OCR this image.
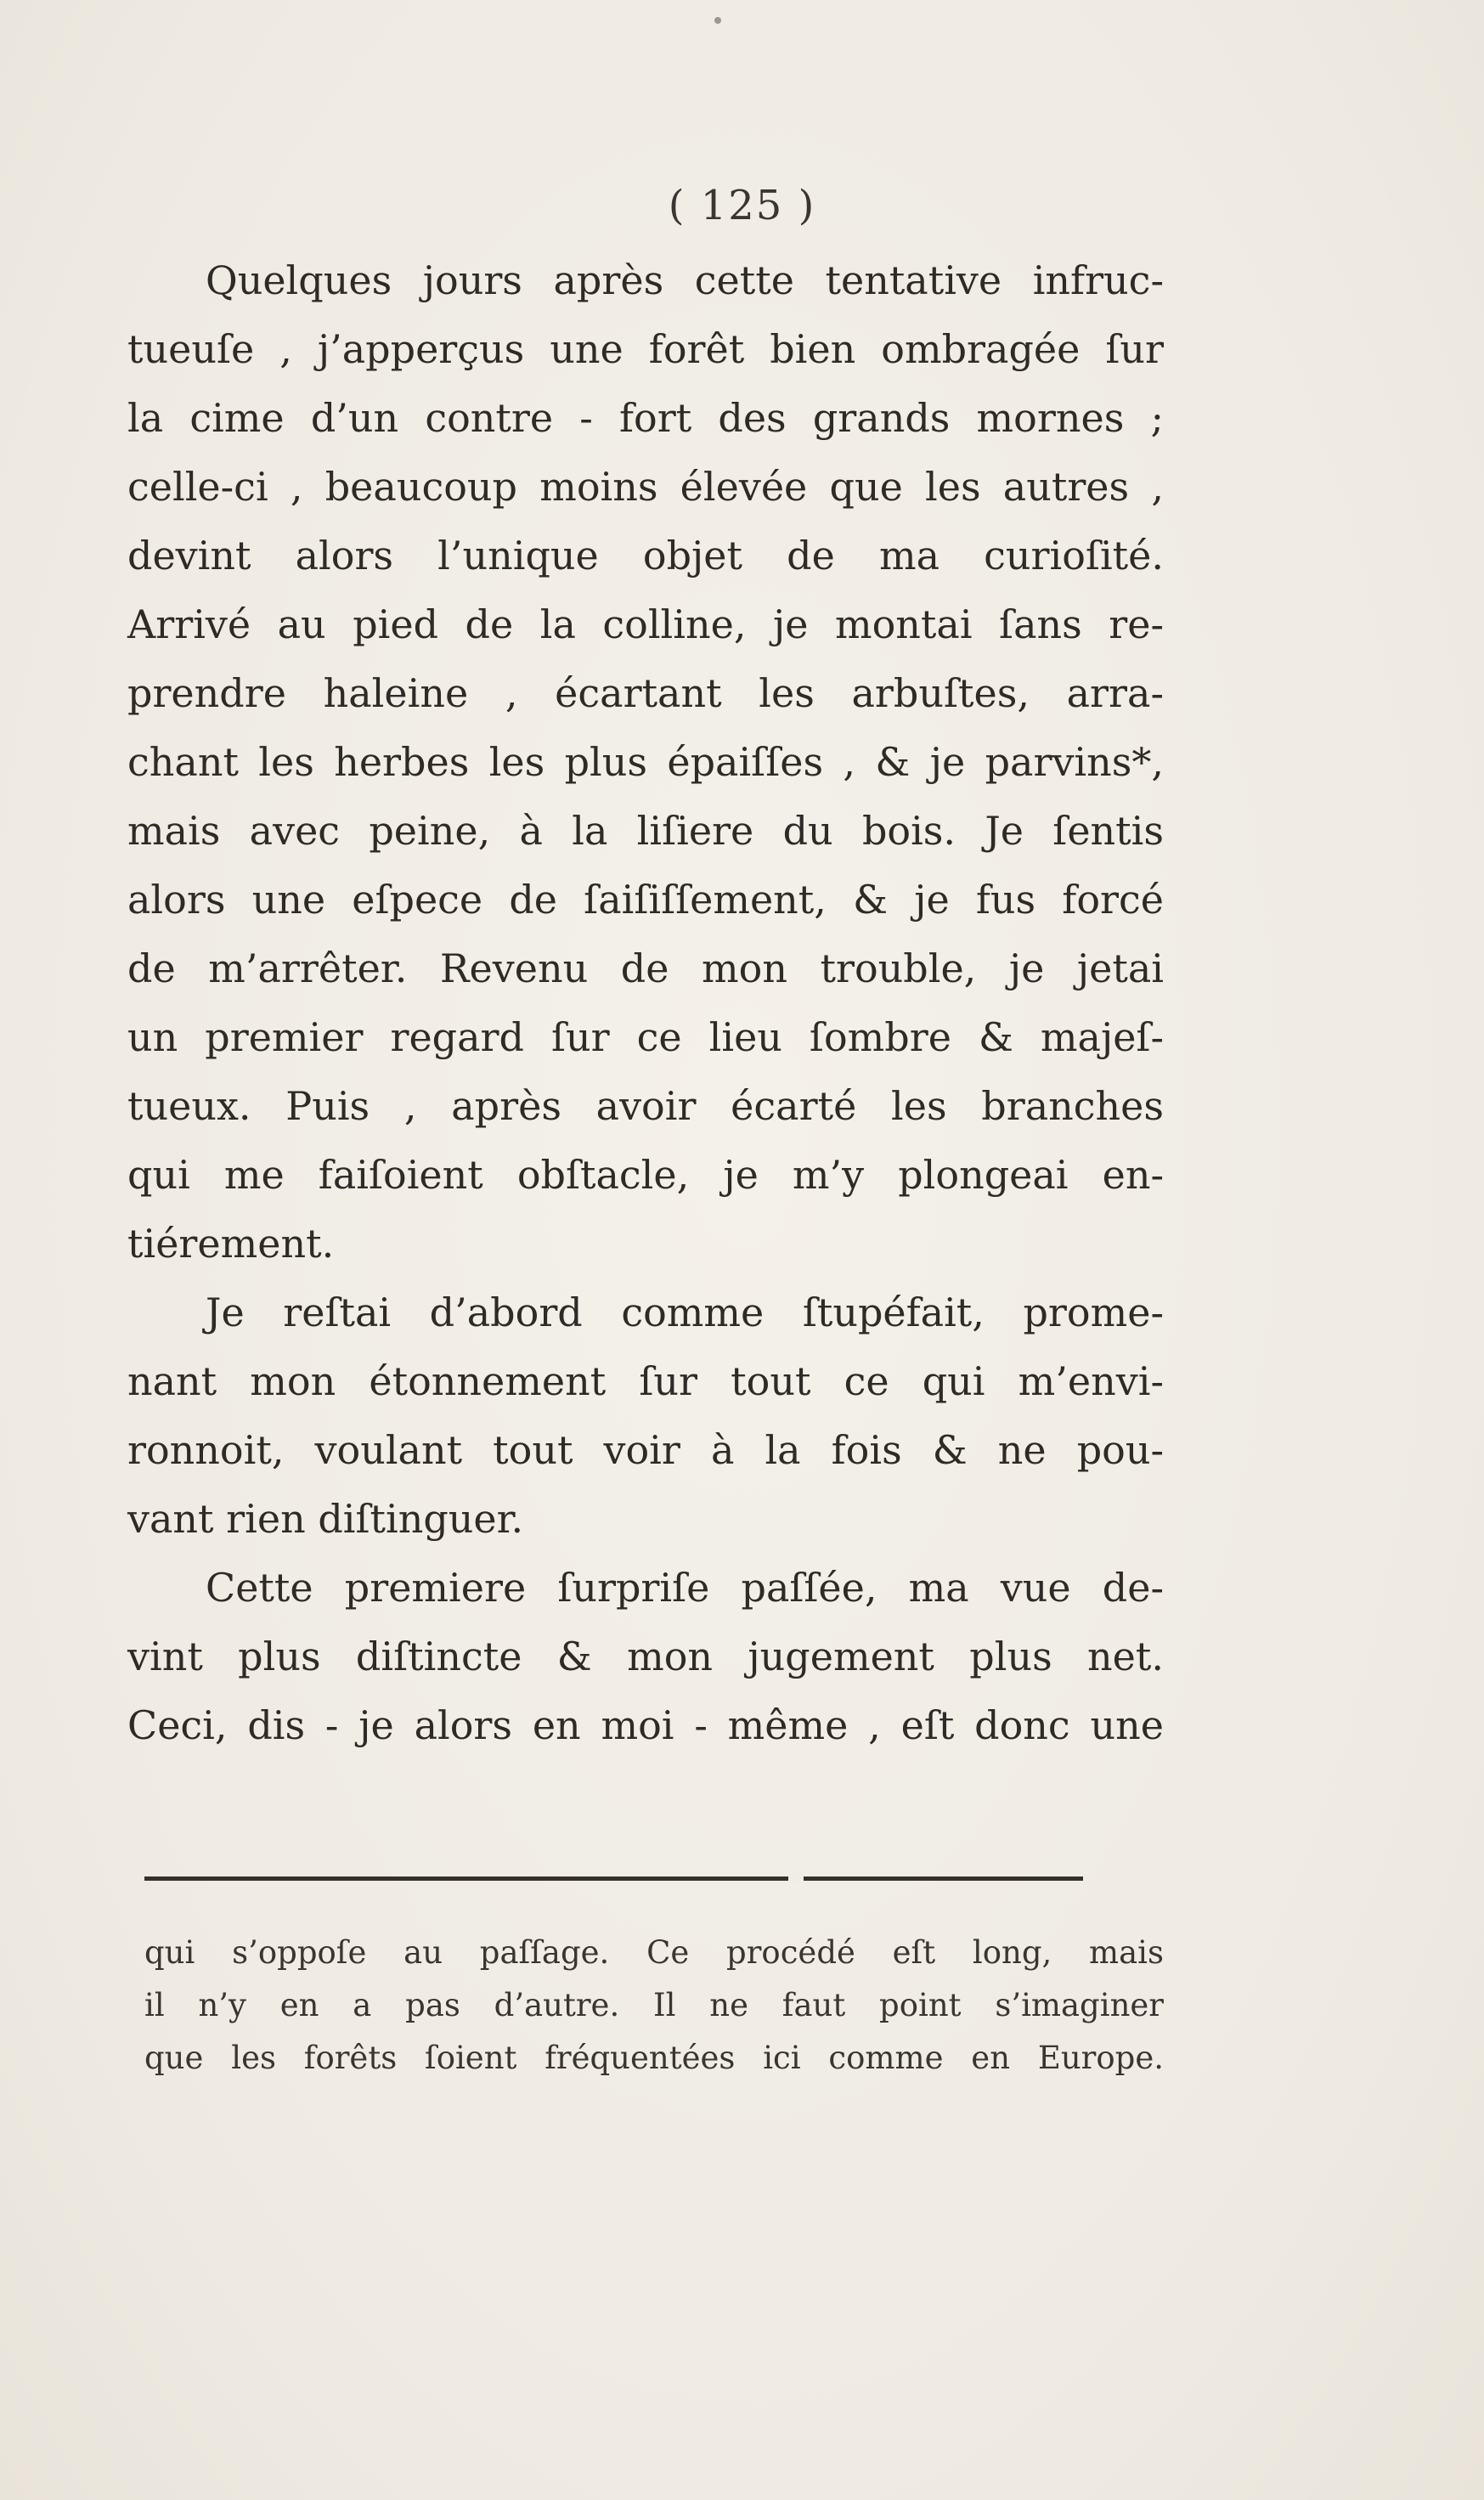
( 125 )
Quelques jours après cette tentative infruc-
tueuſe , j’apperçus une forêt bien ombragée ſur
la cime d’un contre - fort des grands mornes ;
celle-ci , beaucoup moins élevée que les autres ,
devint alors l’unique objet de ma curioſité.
Arrivé au pied de la colline, je montai ſans re-
prendre haleine , écartant les arbuſtes, arra-
chant les herbes les plus épaiſſes , & je parvins*,
mais avec peine, à la liſiere du bois. Je ſentis
alors une eſpece de ſaiſiſſement, & je fus forcé
de m’arrêter. Revenu de mon trouble, je jetai
un premier regard ſur ce lieu ſombre & majeſ-
tueux. Puis , après avoir écarté les branches
qui me faiſoient obſtacle, je m’y plongeai en-
tiérement.
Je reſtai d’abord comme ſtupéfait, prome-
nant mon étonnement ſur tout ce qui m’envi-
ronnoit, voulant tout voir à la fois & ne pou-
vant rien diſtinguer.
Cette premiere ſurpriſe paſſée, ma vue de-
vint plus diſtincte & mon jugement plus net.
Ceci, dis - je alors en moi - même , eſt donc une
qui s’oppoſe au paſſage. Ce procédé eſt long, mais
il n’y en a pas d’autre. Il ne faut point s’imaginer
que les forêts ſoient fréquentées ici comme en Europe.
